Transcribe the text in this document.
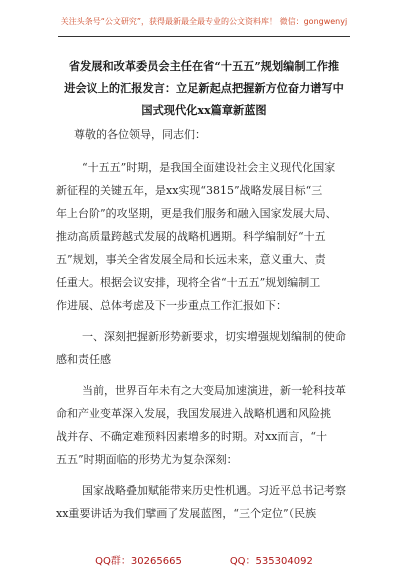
关注头条号“公文研究”，获得最新最全最专业的公文资料库！ 微信：gongwenyj
省发展和改革委员会主任在省“十五五”规划编制工作推
进会议上的汇报发言：立足新起点把握新方位奋力谱写中
国式现代化xx篇章新蓝图
尊敬的各位领导，同志们：
“十五五”时期，是我国全面建设社会主义现代化国家
新征程的关键五年，是xx实现“3815”战略发展目标“三
年上台阶”的攻坚期，更是我们服务和融入国家发展大局、
推动高质量跨越式发展的战略机遇期。科学编制好“十五
五”规划，事关全省发展全局和长远未来，意义重大、责
任重大。根据会议安排，现将全省“十五五”规划编制工
作进展、总体考虑及下一步重点工作汇报如下：
一、深刻把握新形势新要求，切实增强规划编制的使命
感和责任感
当前，世界百年未有之大变局加速演进，新一轮科技革
命和产业变革深入发展，我国发展进入战略机遇和风险挑
战并存、不确定难预料因素增多的时期。对xx而言，“十
五五”时期面临的形势尤为复杂深刻：
国家战略叠加赋能带来历史性机遇。习近平总书记考察
xx重要讲话为我们擘画了发展蓝图，“三个定位”（民族
QQ群：30265665	QQ：535304092
